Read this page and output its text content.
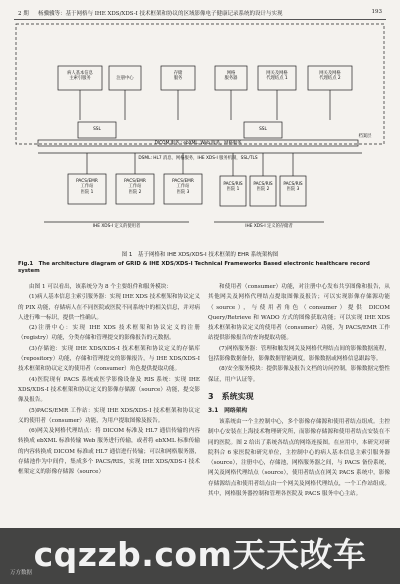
2 期 杨骥骥等：基于网格与 IHE XDS/XDS-I 技术框架和协议的区域影像电子健康记录系统的设计与实现	193
病人基本信息
主索引服务	注册中心
存储
服务
网格
服务器
网关及网格
代理结点 1
网关及网格
代理结点 2
SSL	SSL
DICOM 服务 : ebXML, Web 服务，网格服务
DSML: HL7 消息、网格服务，IHE XDS-I 服务机制，SSL/TLS
档案层
PACS/EMR
工作站
医院 1
PACS/EMR
工作站
医院 2
PACS/EMR
工作站
医院 3
PACS/RIS
医院 1
PACS/RIS
医院 2
PACS/RIS
医院 3
IHE XDS-I 定义的使用者	IHE XDS-I 定义的存储者
图 1　基于网格和 IHE XDS/XDS-I 技术框架的 EHR 系统架构图
Fig.1　The architecture diagram of GRID & IHE XDS/XDS-I Technical Frameworks Based electronic healthcare record system

由图 1 可以看出，该系统分为 8 个主要组件和服务模块：

(1)病人基本信息主索引服务器：实现 IHE XDS 技术框架和协议定义的 PIX 功能，存储病人在不同医院或医院不同系统中的相关信息，并对病人进行唯一标识，提供一性确认。

(2)注册中心：实现 IHE XDS 技术框架和协议定义的注册（registry）功能，分类存储和管理提交的影像报告的元数据。

(3)存储池：实现 IHE XDS/XDS-I 技术框架和协议定义的存储库（repository）功能，存储和管理提交的影像报告，与 IHE XDS/XDS-I 技术框架和协议定义的使用者（consumer）角色提供提取功能。

(4)医院现有 PACS 系统或医学影像设备及 RIS 系统：实现 IHE XDS/XDS-I 技术框架和协议定义的影像存储源（source）功能，提交影像及报告。

(5)PACS/EMR 工作站：实现 IHE XDS/XDS-I 技术框架和协议定义的使用者（consumer）功能，为用户提取图像及报告。

(6)网关及网格代理结点：将 DICOM 标准及 HL7 通信传输的内容转换成 ebXML 标准传输 Web 服务进行传输，或者将 ebXML 标准传输的内容转换成 DICOM 标准或 HL7 通信进行传输；可以和网格服务器，存储池作为中间件，集成多个 PACS/RIS，实现 IHE XDS/XDS-I 技术框架定义的影像存储源（source）

和使用者（consumer）功能，对注册中心发布共享图像和报告，从其他网关及网格代理结点提取图像及报告；可以实现影像存储源功能（source），与使用者角色（consumer）提供 DICOM Query/Retrieve 和 WADO 方式的图像获取功能；可以实现 IHE XDS 技术框架和协议定义的使用者（consumer）功能，为 PACS/EMR 工作站提供影像报告的查询提取功能。

(7)网格服务器：管理和触发网关及网格代理结点间的影像数据流程，包括影像数据备份，影像数据智能调度，影像数据或网格信息跟踪等。

(8)安全服务模块：提供影像及报告文档的访问控制，影像数据完整性保证，用户认证等。

3　系统实现
3.1　网络架构

该系统由一个主控制中心，多个影像存储源和使用者结点组成。主控制中心安装在上海技术物理研究所，而影像存储源和使用者结点安装在不同的医院。图 2 给出了系统各结点的网络连接图。在应用中，本研究对研院科合 6 家医院和研究单位，主控制中心的病人基本信息主索引服务器（source），注册中心，存储池，网格服务器之间，与 PACS 备份系统，网关及网格代理结点（source），使用者结点在网关 PACS 系统中，影像存储源结点和使用者结点由一个网关及网格代理结点，一个工作站组成。其中，网格服务器控制和管理各医院及 PACS 服务中心主站。

cqzzb.com天天改车
万方数据
